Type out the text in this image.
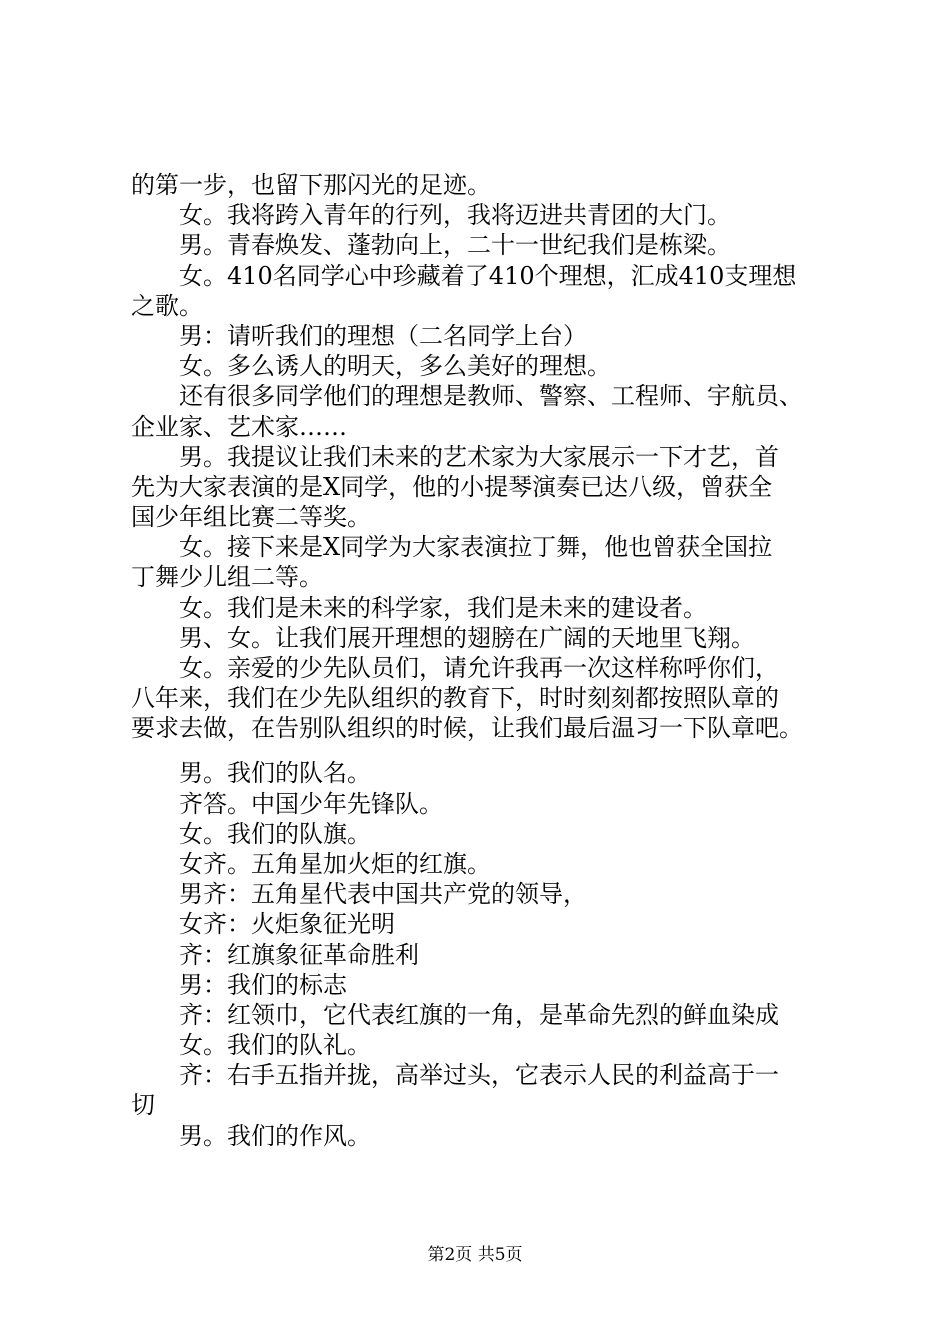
的第一步，也留下那闪光的足迹。
女。我将跨入青年的行列，我将迈进共青团的大门。
男。青春焕发、蓬勃向上，二十一世纪我们是栋梁。
女。410名同学心中珍藏着了410个理想，汇成410支理想
之歌。
男：请听我们的理想（二名同学上台）
女。多么诱人的明天，多么美好的理想。
还有很多同学他们的理想是教师、警察、工程师、宇航员、
企业家、艺术家……
男。我提议让我们未来的艺术家为大家展示一下才艺，首
先为大家表演的是X同学，他的小提琴演奏已达八级，曾获全
国少年组比赛二等奖。
女。接下来是X同学为大家表演拉丁舞，他也曾获全国拉
丁舞少儿组二等。
女。我们是未来的科学家，我们是未来的建设者。
男、女。让我们展开理想的翅膀在广阔的天地里飞翔。
女。亲爱的少先队员们，请允许我再一次这样称呼你们，
八年来，我们在少先队组织的教育下，时时刻刻都按照队章的
要求去做，在告别队组织的时候，让我们最后温习一下队章吧。
男。我们的队名。
齐答。中国少年先锋队。
女。我们的队旗。
女齐。五角星加火炬的红旗。
男齐：五角星代表中国共产党的领导，
女齐：火炬象征光明
齐：红旗象征革命胜利
男：我们的标志
齐：红领巾，它代表红旗的一角，是革命先烈的鲜血染成
女。我们的队礼。
齐：右手五指并拢，高举过头，它表示人民的利益高于一
切
男。我们的作风。
第2页 共5页
